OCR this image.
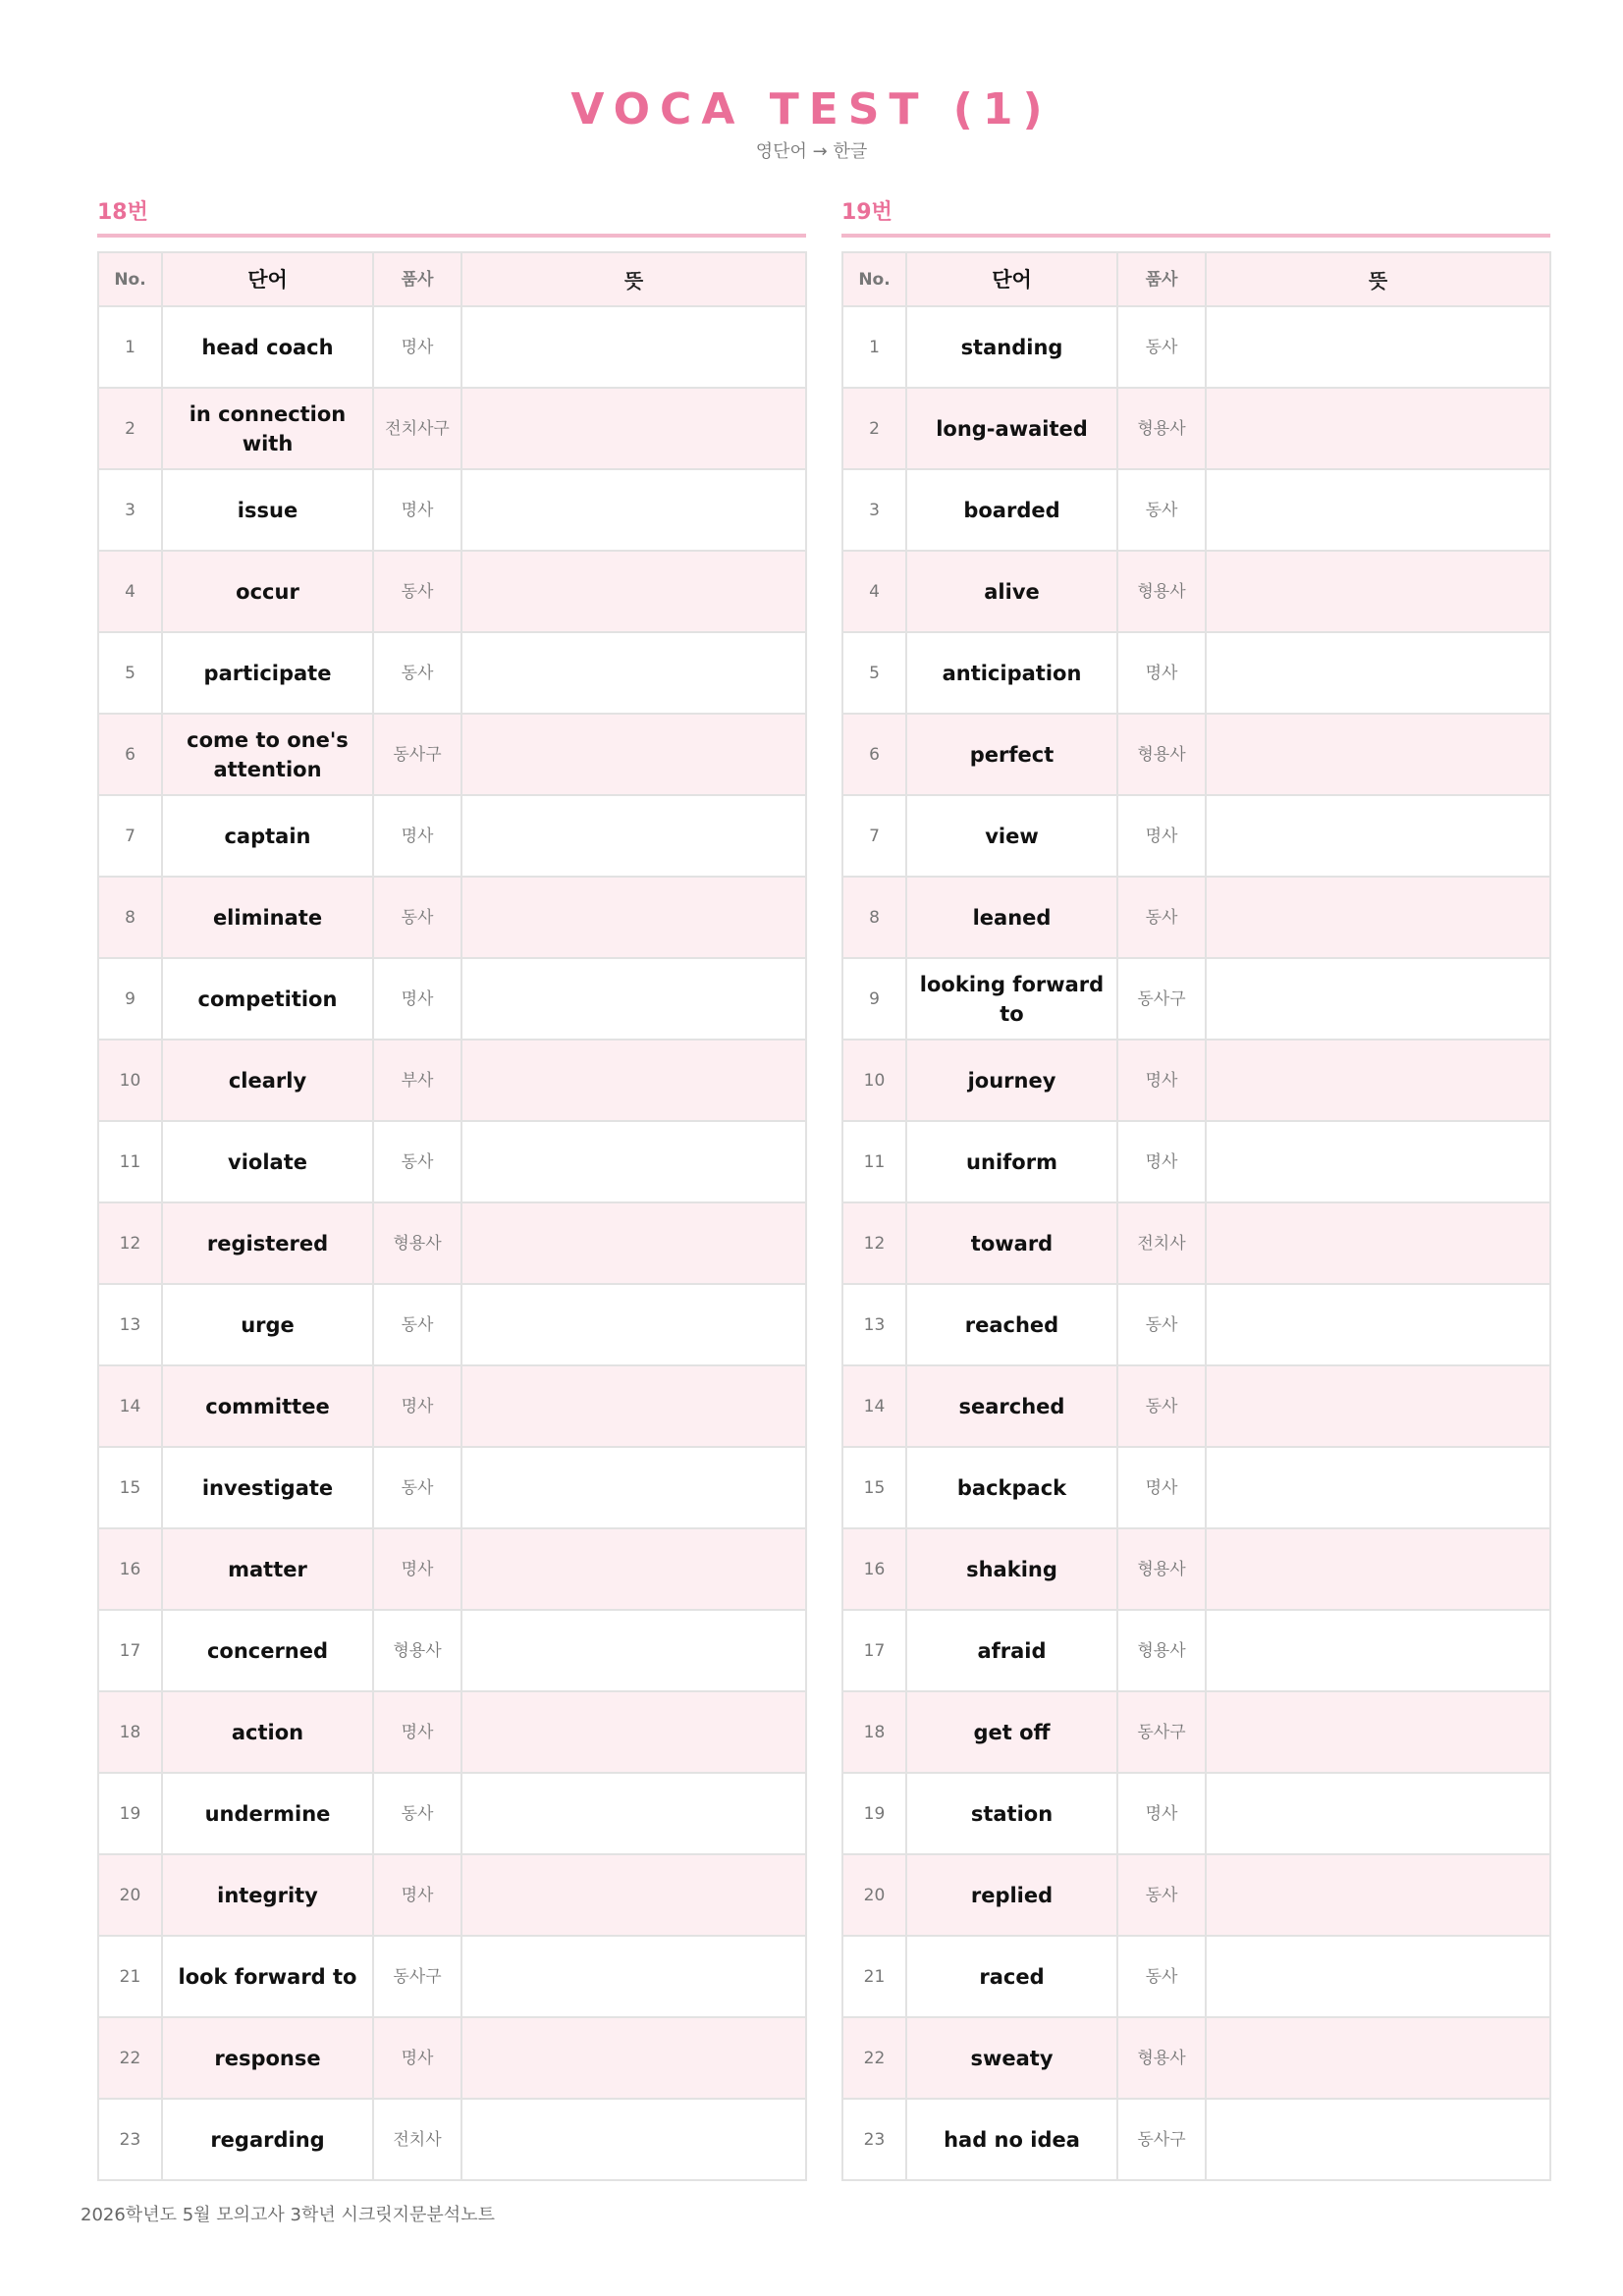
VOCA TEST (1)
영단어 → 한글
18번
No.	단어	품사	뜻
1	head coach	명사	
2	in connection with	전치사구	
3	issue	명사	
4	occur	동사	
5	participate	동사	
6	come to one's attention	동사구	
7	captain	명사	
8	eliminate	동사	
9	competition	명사	
10	clearly	부사	
11	violate	동사	
12	registered	형용사	
13	urge	동사	
14	committee	명사	
15	investigate	동사	
16	matter	명사	
17	concerned	형용사	
18	action	명사	
19	undermine	동사	
20	integrity	명사	
21	look forward to	동사구	
22	response	명사	
23	regarding	전치사	
19번
No.	단어	품사	뜻
1	standing	동사	
2	long-awaited	형용사	
3	boarded	동사	
4	alive	형용사	
5	anticipation	명사	
6	perfect	형용사	
7	view	명사	
8	leaned	동사	
9	looking forward to	동사구	
10	journey	명사	
11	uniform	명사	
12	toward	전치사	
13	reached	동사	
14	searched	동사	
15	backpack	명사	
16	shaking	형용사	
17	afraid	형용사	
18	get off	동사구	
19	station	명사	
20	replied	동사	
21	raced	동사	
22	sweaty	형용사	
23	had no idea	동사구	
2026학년도 5월 모의고사 3학년 시크릿지문분석노트
